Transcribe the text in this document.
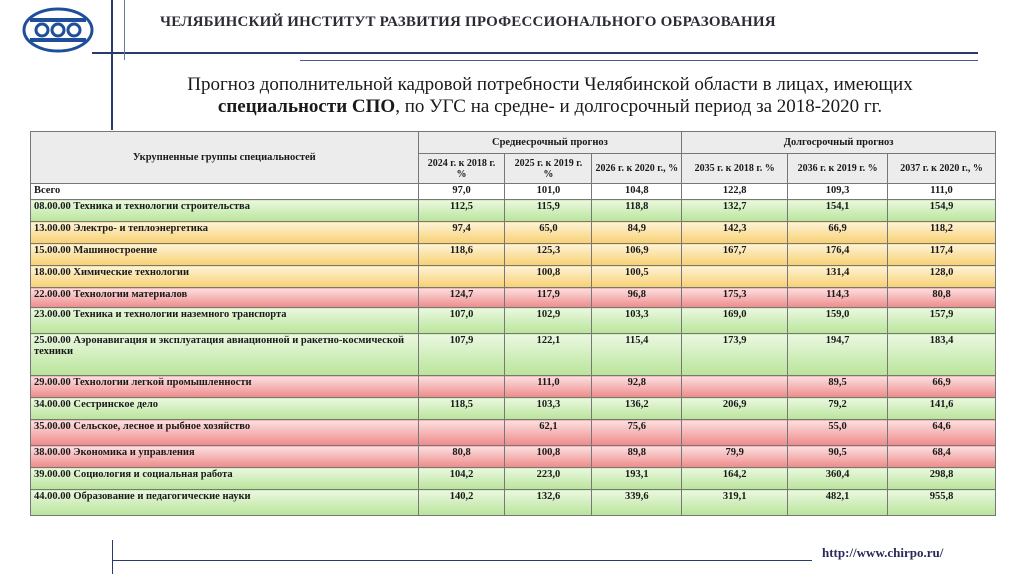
ЧЕЛЯБИНСКИЙ ИНСТИТУТ РАЗВИТИЯ ПРОФЕССИОНАЛЬНОГО ОБРАЗОВАНИЯ
Прогноз дополнительной кадровой потребности Челябинской области в лицах, имеющих
специальности СПО, по УГС на средне- и долгосрочный период за 2018-2020 гг.
Укрупненные группы специальностей	Среднесрочный прогноз			Долгосрочный прогноз		
	2024 г. к 2018 г. %	2025 г. к 2019 г. %	2026 г. к 2020 г., %	2035 г. к 2018 г. %	2036 г. к 2019 г. %	2037 г. к 2020 г., %
Всего	97,0	101,0	104,8	122,8	109,3	111,0
08.00.00 Техника и технологии строительства	112,5	115,9	118,8	132,7	154,1	154,9
13.00.00 Электро- и теплоэнергетика	97,4	65,0	84,9	142,3	66,9	118,2
15.00.00 Машиностроение	118,6	125,3	106,9	167,7	176,4	117,4
18.00.00 Химические технологии		100,8	100,5		131,4	128,0
22.00.00 Технологии материалов	124,7	117,9	96,8	175,3	114,3	80,8
23.00.00 Техника и технологии наземного транспорта	107,0	102,9	103,3	169,0	159,0	157,9
25.00.00 Аэронавигация и эксплуатация авиационной и ракетно-космической техники	107,9	122,1	115,4	173,9	194,7	183,4
29.00.00 Технологии легкой промышленности		111,0	92,8		89,5	66,9
34.00.00 Сестринское дело	118,5	103,3	136,2	206,9	79,2	141,6
35.00.00 Сельское, лесное и рыбное хозяйство		62,1	75,6		55,0	64,6
38.00.00 Экономика и управления	80,8	100,8	89,8	79,9	90,5	68,4
39.00.00 Социология и социальная работа	104,2	223,0	193,1	164,2	360,4	298,8
44.00.00 Образование и педагогические науки	140,2	132,6	339,6	319,1	482,1	955,8
http://www.chirpo.ru/
